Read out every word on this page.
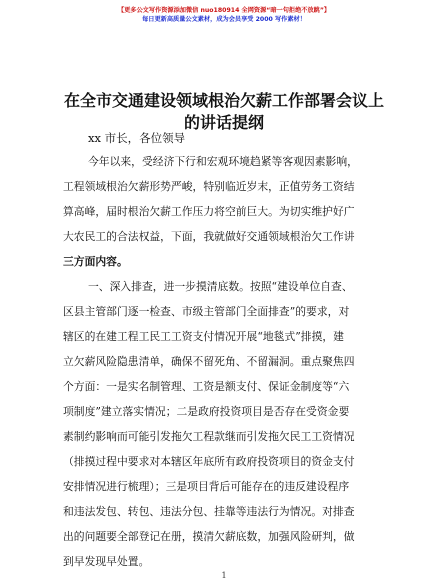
【更多公文写作资源添加微信 nuo180914 全网资源“暗一句拒绝不放跳”】
每日更新高质量公文素材，成为会员享受 2000 写作素材！
在全市交通建设领域根治欠薪工作部署会议上
的讲话提纲
xx 市长，各位领导
今年以来，受经济下行和宏观环境趋紧等客观因素影响，
工程领域根治欠薪形势严峻，特别临近岁末，正值劳务工资结
算高峰，届时根治欠薪工作压力将空前巨大。为切实维护好广
大农民工的合法权益，下面，我就做好交通领域根治欠工作讲
三方面内容。
一、深入排查，进一步摸清底数。按照“建设单位自查、
区县主管部门逐一检查、市级主管部门全面排查”的要求，对
辖区的在建工程工民工工资支付情况开展“地毯式”排摸，建
立欠薪风险隐患清单，确保不留死角、不留漏洞。重点聚焦四
个方面：一是实名制管理、工资是额支付、保证金制度等“六
项制度”建立落实情况；二是政府投资项目是否存在受资金要
素制约影响而可能引发拖欠工程款继而引发拖欠民工工资情况
（排摸过程中要求对本辖区年底所有政府投资项目的资金支付
安排情况进行梳理）；三是项目背后可能存在的违反建设程序
和违法发包、转包、违法分包、挂靠等违法行为情况。对排查
出的问题要全部登记在册，摸清欠薪底数，加强风险研判，做
到早发现早处置。
1
